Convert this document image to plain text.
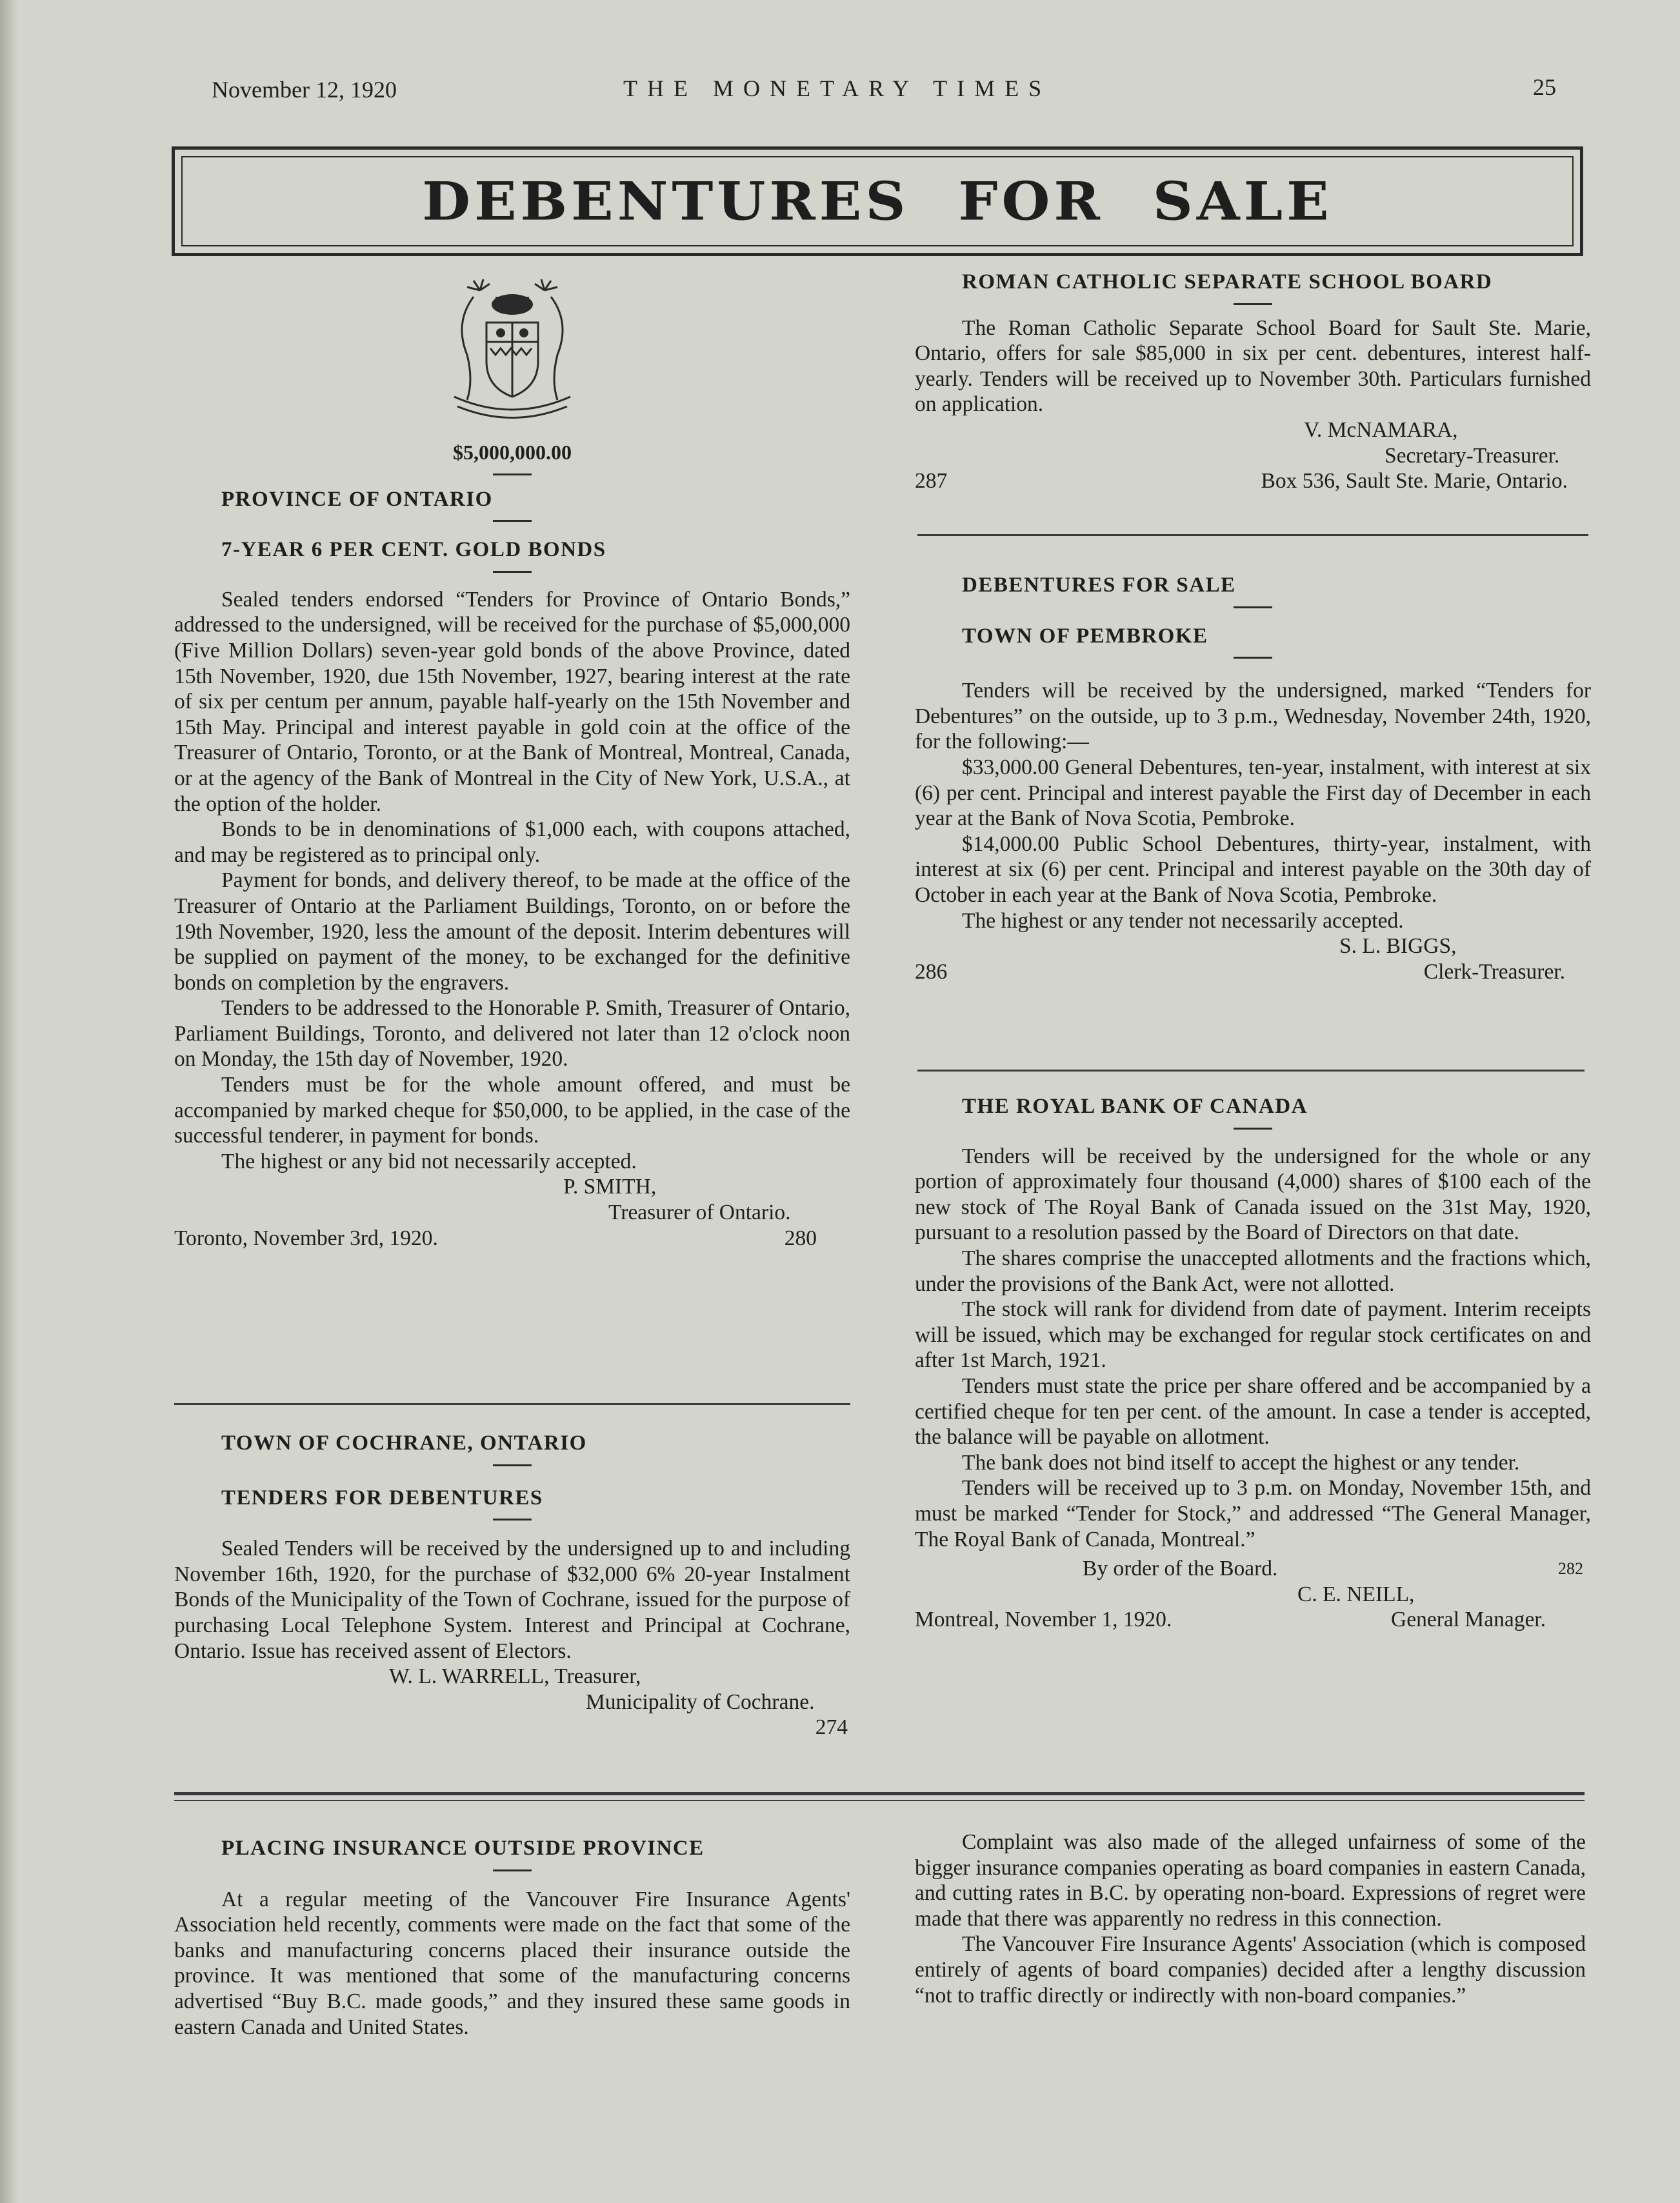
November 12, 1920	THE MONETARY TIMES	25
DEBENTURES FOR SALE

$5,000,000.00

PROVINCE OF ONTARIO

7-YEAR 6 PER CENT. GOLD BONDS

Sealed tenders endorsed “Tenders for Province of Ontario Bonds,” addressed to the undersigned, will be received for the purchase of $5,000,000 (Five Million Dollars) seven-year gold bonds of the above Province, dated 15th November, 1920, due 15th November, 1927, bearing interest at the rate of six per centum per annum, payable half-yearly on the 15th November and 15th May. Principal and interest payable in gold coin at the office of the Treasurer of Ontario, Toronto, or at the Bank of Montreal, Montreal, Canada, or at the agency of the Bank of Montreal in the City of New York, U.S.A., at the option of the holder.

Bonds to be in denominations of $1,000 each, with coupons attached, and may be registered as to principal only.

Payment for bonds, and delivery thereof, to be made at the office of the Treasurer of Ontario at the Parliament Buildings, Toronto, on or before the 19th November, 1920, less the amount of the deposit. Interim debentures will be supplied on payment of the money, to be exchanged for the definitive bonds on completion by the engravers.

Tenders to be addressed to the Honorable P. Smith, Treasurer of Ontario, Parliament Buildings, Toronto, and delivered not later than 12 o'clock noon on Monday, the 15th day of November, 1920.

Tenders must be for the whole amount offered, and must be accompanied by marked cheque for $50,000, to be applied, in the case of the successful tenderer, in payment for bonds.

The highest or any bid not necessarily accepted.

P. SMITH,

Treasurer of Ontario.

Toronto, November 3rd, 1920.	280

TOWN OF COCHRANE, ONTARIO

TENDERS FOR DEBENTURES

Sealed Tenders will be received by the undersigned up to and including November 16th, 1920, for the purchase of $32,000 6% 20-year Instalment Bonds of the Municipality of the Town of Cochrane, issued for the purpose of purchasing Local Telephone System. Interest and Principal at Cochrane, Ontario. Issue has received assent of Electors.

W. L. WARRELL, Treasurer,

Municipality of Cochrane.

274

ROMAN CATHOLIC SEPARATE SCHOOL BOARD

The Roman Catholic Separate School Board for Sault Ste. Marie, Ontario, offers for sale $85,000 in six per cent. debentures, interest half-yearly. Tenders will be received up to November 30th. Particulars furnished on application.

V. McNAMARA,

Secretary-Treasurer.

287	Box 536, Sault Ste. Marie, Ontario.

DEBENTURES FOR SALE

TOWN OF PEMBROKE

Tenders will be received by the undersigned, marked “Tenders for Debentures” on the outside, up to 3 p.m., Wednesday, November 24th, 1920, for the following:—

$33,000.00 General Debentures, ten-year, instalment, with interest at six (6) per cent. Principal and interest payable the First day of December in each year at the Bank of Nova Scotia, Pembroke.

$14,000.00 Public School Debentures, thirty-year, instalment, with interest at six (6) per cent. Principal and interest payable on the 30th day of October in each year at the Bank of Nova Scotia, Pembroke.

The highest or any tender not necessarily accepted.

S. L. BIGGS,

286	Clerk-Treasurer.

THE ROYAL BANK OF CANADA

Tenders will be received by the undersigned for the whole or any portion of approximately four thousand (4,000) shares of $100 each of the new stock of The Royal Bank of Canada issued on the 31st May, 1920, pursuant to a resolution passed by the Board of Directors on that date.

The shares comprise the unaccepted allotments and the fractions which, under the provisions of the Bank Act, were not allotted.

The stock will rank for dividend from date of payment. Interim receipts will be issued, which may be exchanged for regular stock certificates on and after 1st March, 1921.

Tenders must state the price per share offered and be accompanied by a certified cheque for ten per cent. of the amount. In case a tender is accepted, the balance will be payable on allotment.

The bank does not bind itself to accept the highest or any tender.

Tenders will be received up to 3 p.m. on Monday, November 15th, and must be marked “Tender for Stock,” and addressed “The General Manager, The Royal Bank of Canada, Montreal.”

By order of the Board.	282

C. E. NEILL,

Montreal, November 1, 1920.	General Manager.

PLACING INSURANCE OUTSIDE PROVINCE

At a regular meeting of the Vancouver Fire Insurance Agents' Association held recently, comments were made on the fact that some of the banks and manufacturing concerns placed their insurance outside the province. It was mentioned that some of the manufacturing concerns advertised “Buy B.C. made goods,” and they insured these same goods in eastern Canada and United States.

Complaint was also made of the alleged unfairness of some of the bigger insurance companies operating as board companies in eastern Canada, and cutting rates in B.C. by operating non-board. Expressions of regret were made that there was apparently no redress in this connection.

The Vancouver Fire Insurance Agents' Association (which is composed entirely of agents of board companies) decided after a lengthy discussion “not to traffic directly or indirectly with non-board companies.”
